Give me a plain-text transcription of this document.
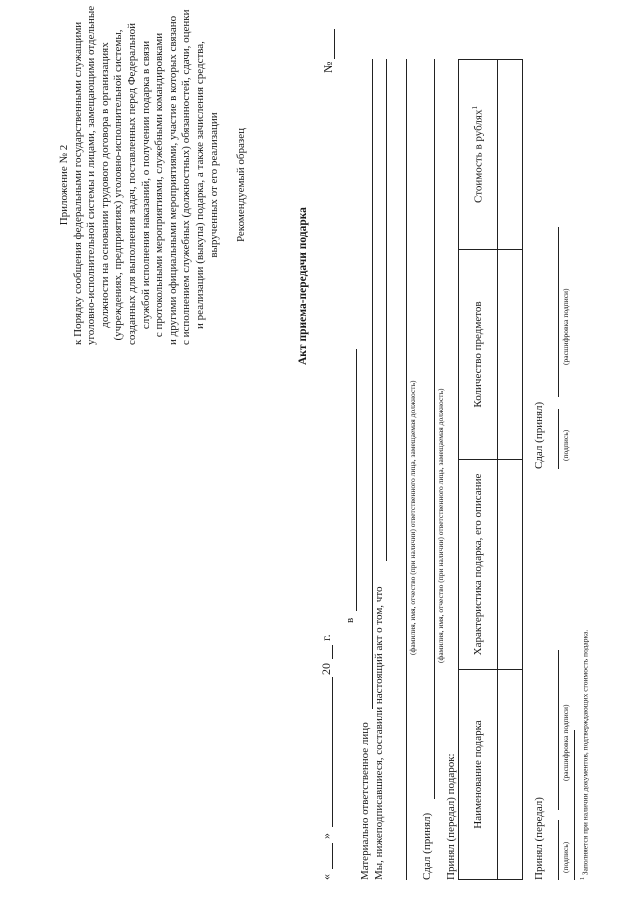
Приложение № 2 к Порядку сообщения федеральными государственными служащими уголовно-исполнительной системы и лицами, замещающими отдельные должности на основании трудового договора в организациях (учреждениях, предприятиях) уголовно-исполнительной системы, созданных для выполнения задач, поставленных перед Федеральной службой исполнения наказаний, о получении подарка в связи с протокольными мероприятиями, служебными командировками и другими официальными мероприятиями, участие в которых связано с исполнением служебных (должностных) обязанностей, сдачи, оценки и реализации (выкупа) подарка, а также зачисления средства, вырученных от его реализации Рекомендуемый образец

Акт приема-передачи подарка
№
«
»
20
г.
в
Материально ответственное лицо Мы, нижеподписавшиеся, составили настоящий акт о том, что
(фамилия, имя, отчество (при наличии) ответственного лица, замещаемая должность)
Сдал (принял)
(фамилия, имя, отчество (при наличии) ответственного лица, замещаемая должность)
Принял (передал) подарок: Наименование подарка	Характеристика подарка, его описание	Количество предметов	Стоимость в рублях$^1$

Принял (передал) (подпись)
(расшифровка подписи)
Сдал (принял) (подпись)
(расшифровка подписи)
$^1$ Заполняется при наличии документов, подтверждающих стоимость подарка.
